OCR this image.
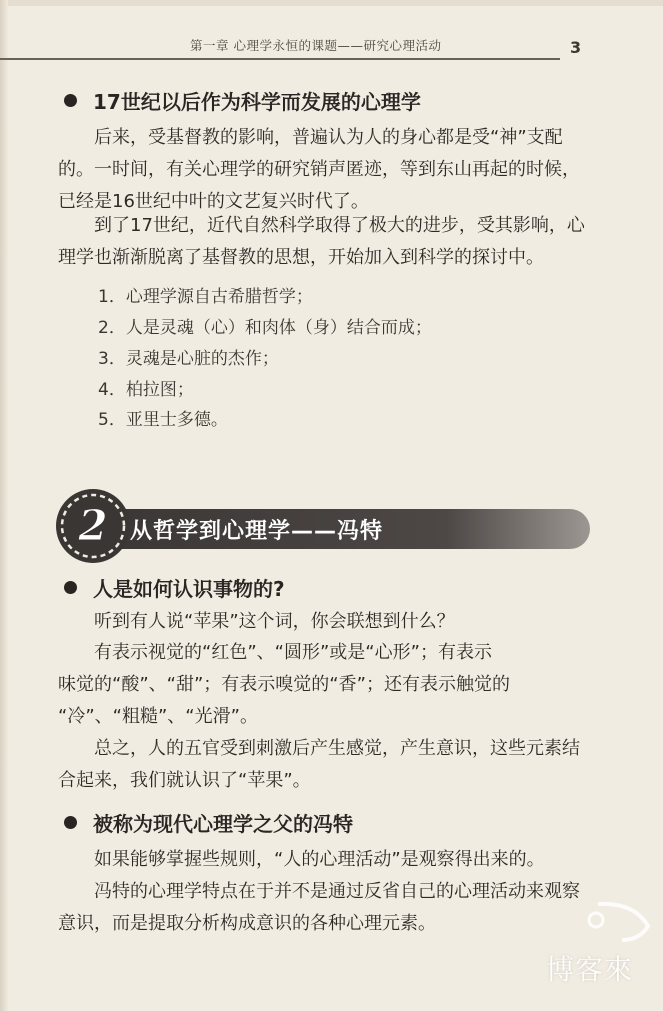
第一章 心理学永恒的课题——研究心理活动	3
17世纪以后作为科学而发展的心理学
后来，受基督教的影响，普遍认为人的身心都是受“神”支配
的。一时间，有关心理学的研究销声匿迹，等到东山再起的时候，
已经是16世纪中叶的文艺复兴时代了。
到了17世纪，近代自然科学取得了极大的进步，受其影响，心
理学也渐渐脱离了基督教的思想，开始加入到科学的探讨中。
1．心理学源自古希腊哲学；
2．人是灵魂（心）和肉体（身）结合而成；
3．灵魂是心脏的杰作；
4．柏拉图；
5．亚里士多德。
从哲学到心理学——冯特
2
人是如何认识事物的?
听到有人说“苹果”这个词，你会联想到什么？
有表示视觉的“红色”、“圆形”或是“心形”；有表示
味觉的“酸”、“甜”；有表示嗅觉的“香”；还有表示触觉的
“冷”、“粗糙”、“光滑”。
总之，人的五官受到刺激后产生感觉，产生意识，这些元素结
合起来，我们就认识了“苹果”。
被称为现代心理学之父的冯特
如果能够掌握些规则，“人的心理活动”是观察得出来的。
冯特的心理学特点在于并不是通过反省自己的心理活动来观察
意识，而是提取分析构成意识的各种心理元素。
博客來
